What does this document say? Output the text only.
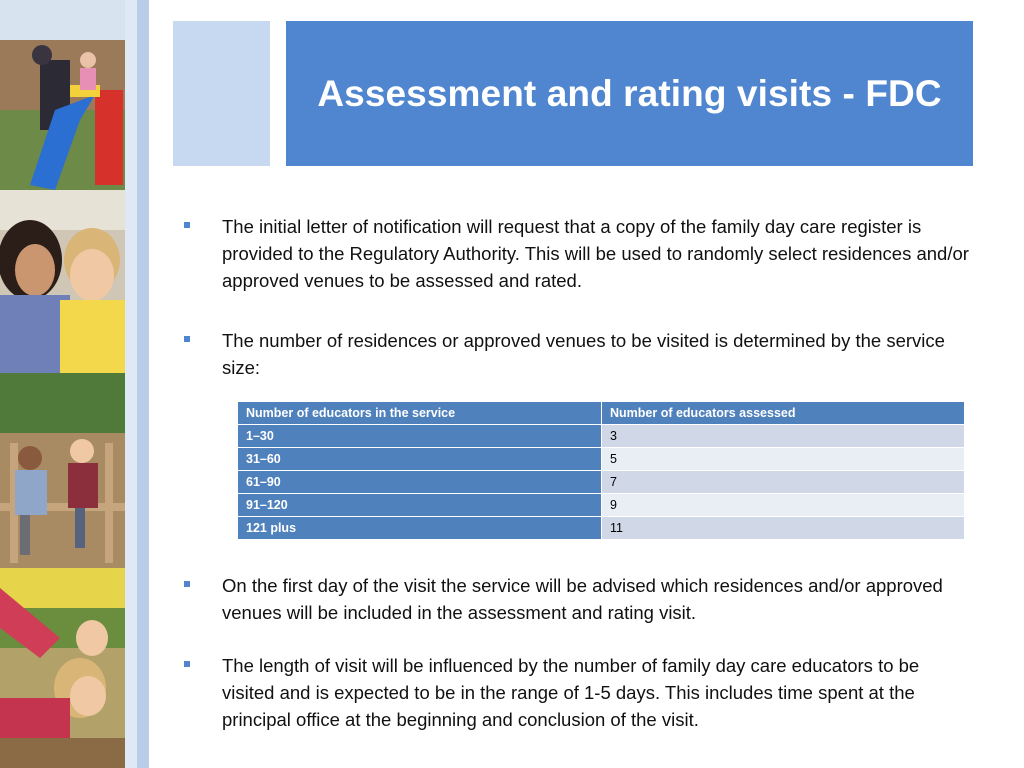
Assessment and rating visits - FDC

The initial letter of notification will request that a copy of the family day care register is provided to the Regulatory Authority. This will be used to randomly select residences and/or approved venues to be assessed and rated.

The number of residences or approved venues to be visited is determined by the service size:

Number of educators in the service	Number of educators assessed
1–30	3
31–60	5
61–90	7
91–120	9
121 plus	11

On the first day of the visit the service will be advised which residences and/or approved venues will be included in the assessment and rating visit.

The length of visit will be influenced by the number of family day care educators to be visited and is expected to be in the range of 1-5 days. This includes time spent at the principal office at the beginning and conclusion of the visit.
